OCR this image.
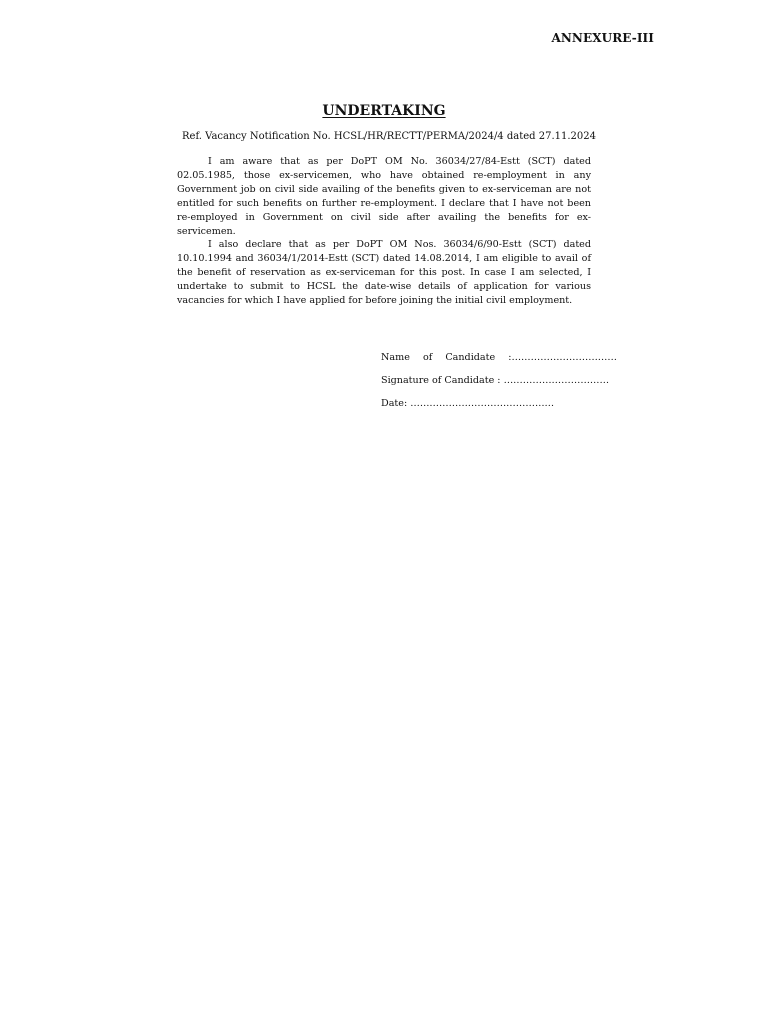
ANNEXURE-III
UNDERTAKING
Ref. Vacancy Notification No. HCSL/HR/RECTT/PERMA/2024/4 dated 27.11.2024

I am aware that as per DoPT OM No. 36034/27/84-Estt (SCT) dated 02.05.1985, those ex-servicemen, who have obtained re-employment in any Government job on civil side availing of the benefits given to ex-serviceman are not entitled for such benefits on further re-employment. I declare that I have not been re-employed in Government on civil side after availing the benefits for ex-servicemen.

I also declare that as per DoPT OM Nos. 36034/6/90-Estt (SCT) dated 10.10.1994 and 36034/1/2014-Estt (SCT) dated 14.08.2014, I am eligible to avail of the benefit of reservation as ex-serviceman for this post. In case I am selected, I undertake to submit to HCSL the date-wise details of application for various vacancies for which I have applied for before joining the initial civil employment.

Name of Candidate :……………………………
Signature of Candidate : ……………………………
Date: ………………………………………
